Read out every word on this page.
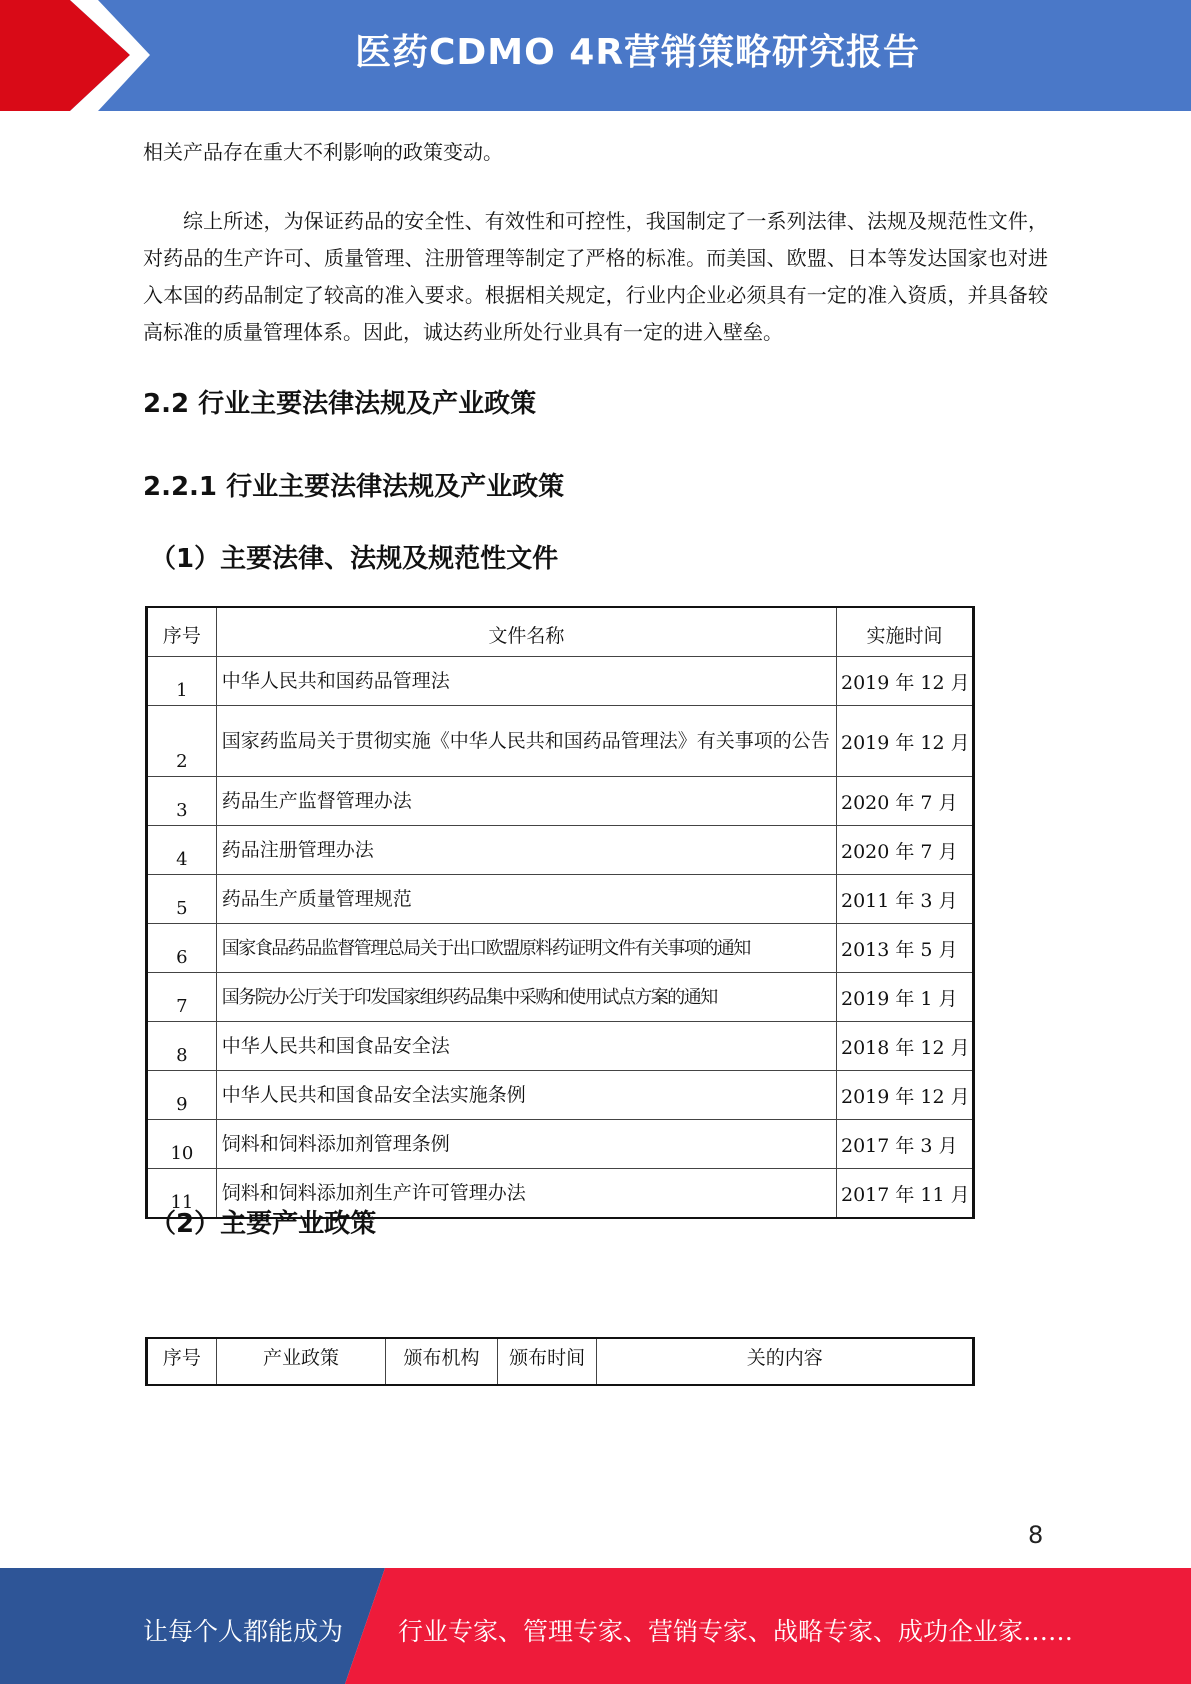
医药CDMO 4R营销策略研究报告
相关产品存在重大不利影响的政策变动。
综上所述，为保证药品的安全性、有效性和可控性，我国制定了一系列法律、法规及规范性文件，对药品的生产许可、质量管理、注册管理等制定了严格的标准。而美国、欧盟、日本等发达国家也对进入本国的药品制定了较高的准入要求。根据相关规定，行业内企业必须具有一定的准入资质，并具备较高标准的质量管理体系。因此，诚达药业所处行业具有一定的进入壁垒。
2.2 行业主要法律法规及产业政策
2.2.1 行业主要法律法规及产业政策
（1）主要法律、法规及规范性文件
序号	文件名称	实施时间
1	中华人民共和国药品管理法	2019 年 12 月
2	国家药监局关于贯彻实施《中华人民共和国药品管理法》有关事项的公告	2019 年 12 月
3	药品生产监督管理办法	2020 年 7 月
4	药品注册管理办法	2020 年 7 月
5	药品生产质量管理规范	2011 年 3 月
6	国家食品药品监督管理总局关于出口欧盟原料药证明文件有关事项的通知	2013 年 5 月
7	国务院办公厅关于印发国家组织药品集中采购和使用试点方案的通知	2019 年 1 月
8	中华人民共和国食品安全法	2018 年 12 月
9	中华人民共和国食品安全法实施条例	2019 年 12 月
10	饲料和饲料添加剂管理条例	2017 年 3 月
11	饲料和饲料添加剂生产许可管理办法	2017 年 11 月
（2）主要产业政策
序号	产业政策	颁布机构	颁布时间	关的内容
8
让每个人都能成为 行业专家、管理专家、营销专家、战略专家、成功企业家……
